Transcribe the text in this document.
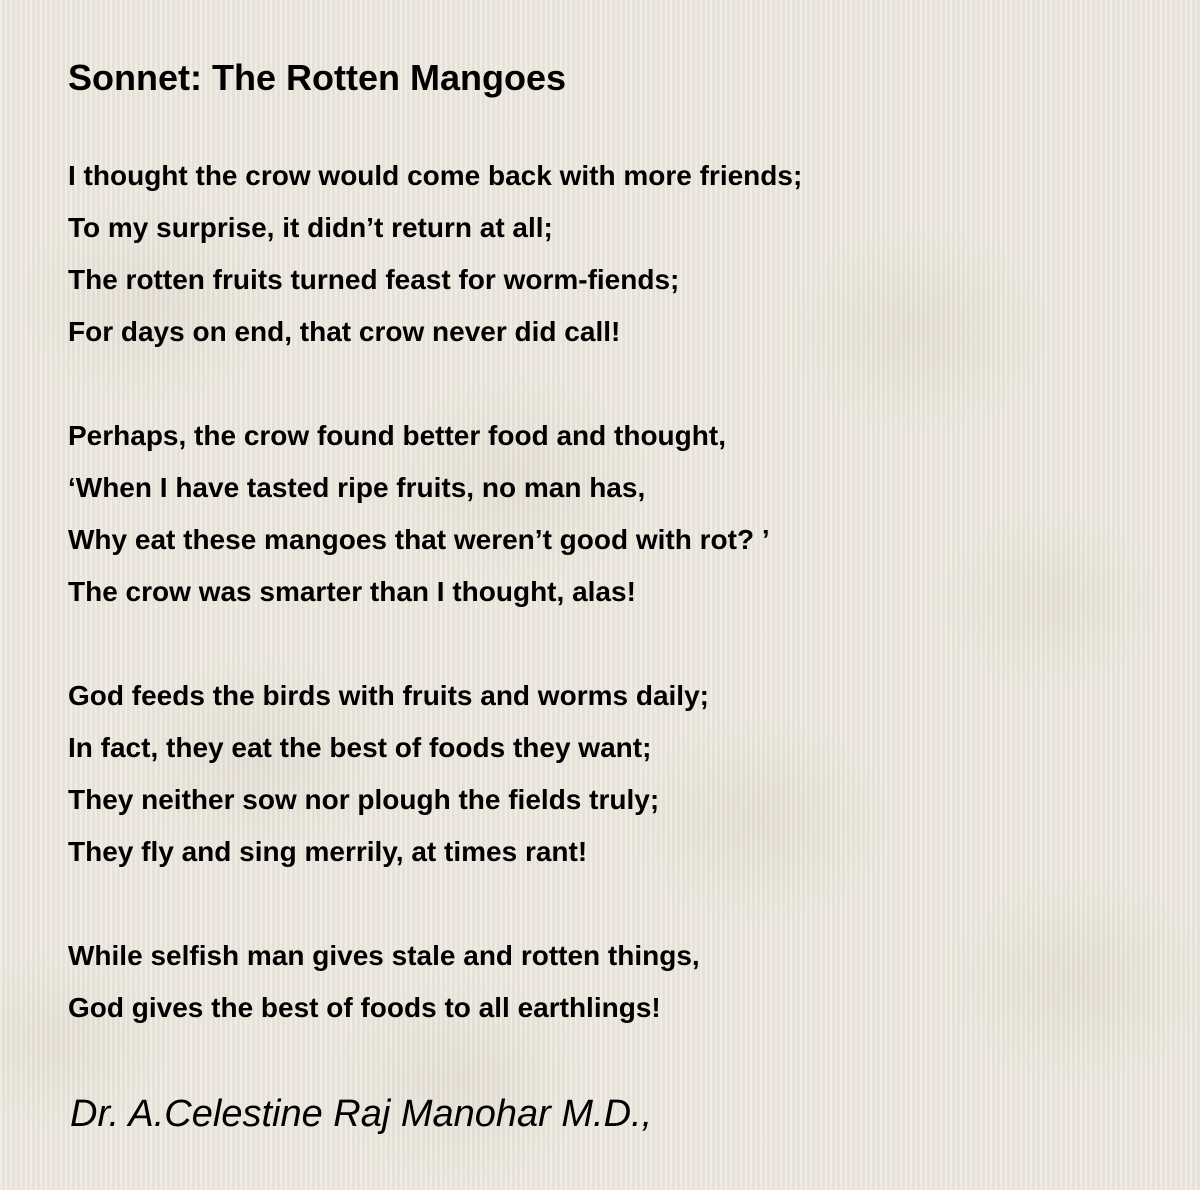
Sonnet: The Rotten Mangoes
I thought the crow would come back with more friends;
To my surprise, it didn’t return at all;
The rotten fruits turned feast for worm-fiends;
For days on end, that crow never did call!
Perhaps, the crow found better food and thought,
‘When I have tasted ripe fruits, no man has,
Why eat these mangoes that weren’t good with rot? ’
The crow was smarter than I thought, alas!
God feeds the birds with fruits and worms daily;
In fact, they eat the best of foods they want;
They neither sow nor plough the fields truly;
They fly and sing merrily, at times rant!
While selfish man gives stale and rotten things,
God gives the best of foods to all earthlings!
Dr. A.Celestine Raj Manohar M.D.,
